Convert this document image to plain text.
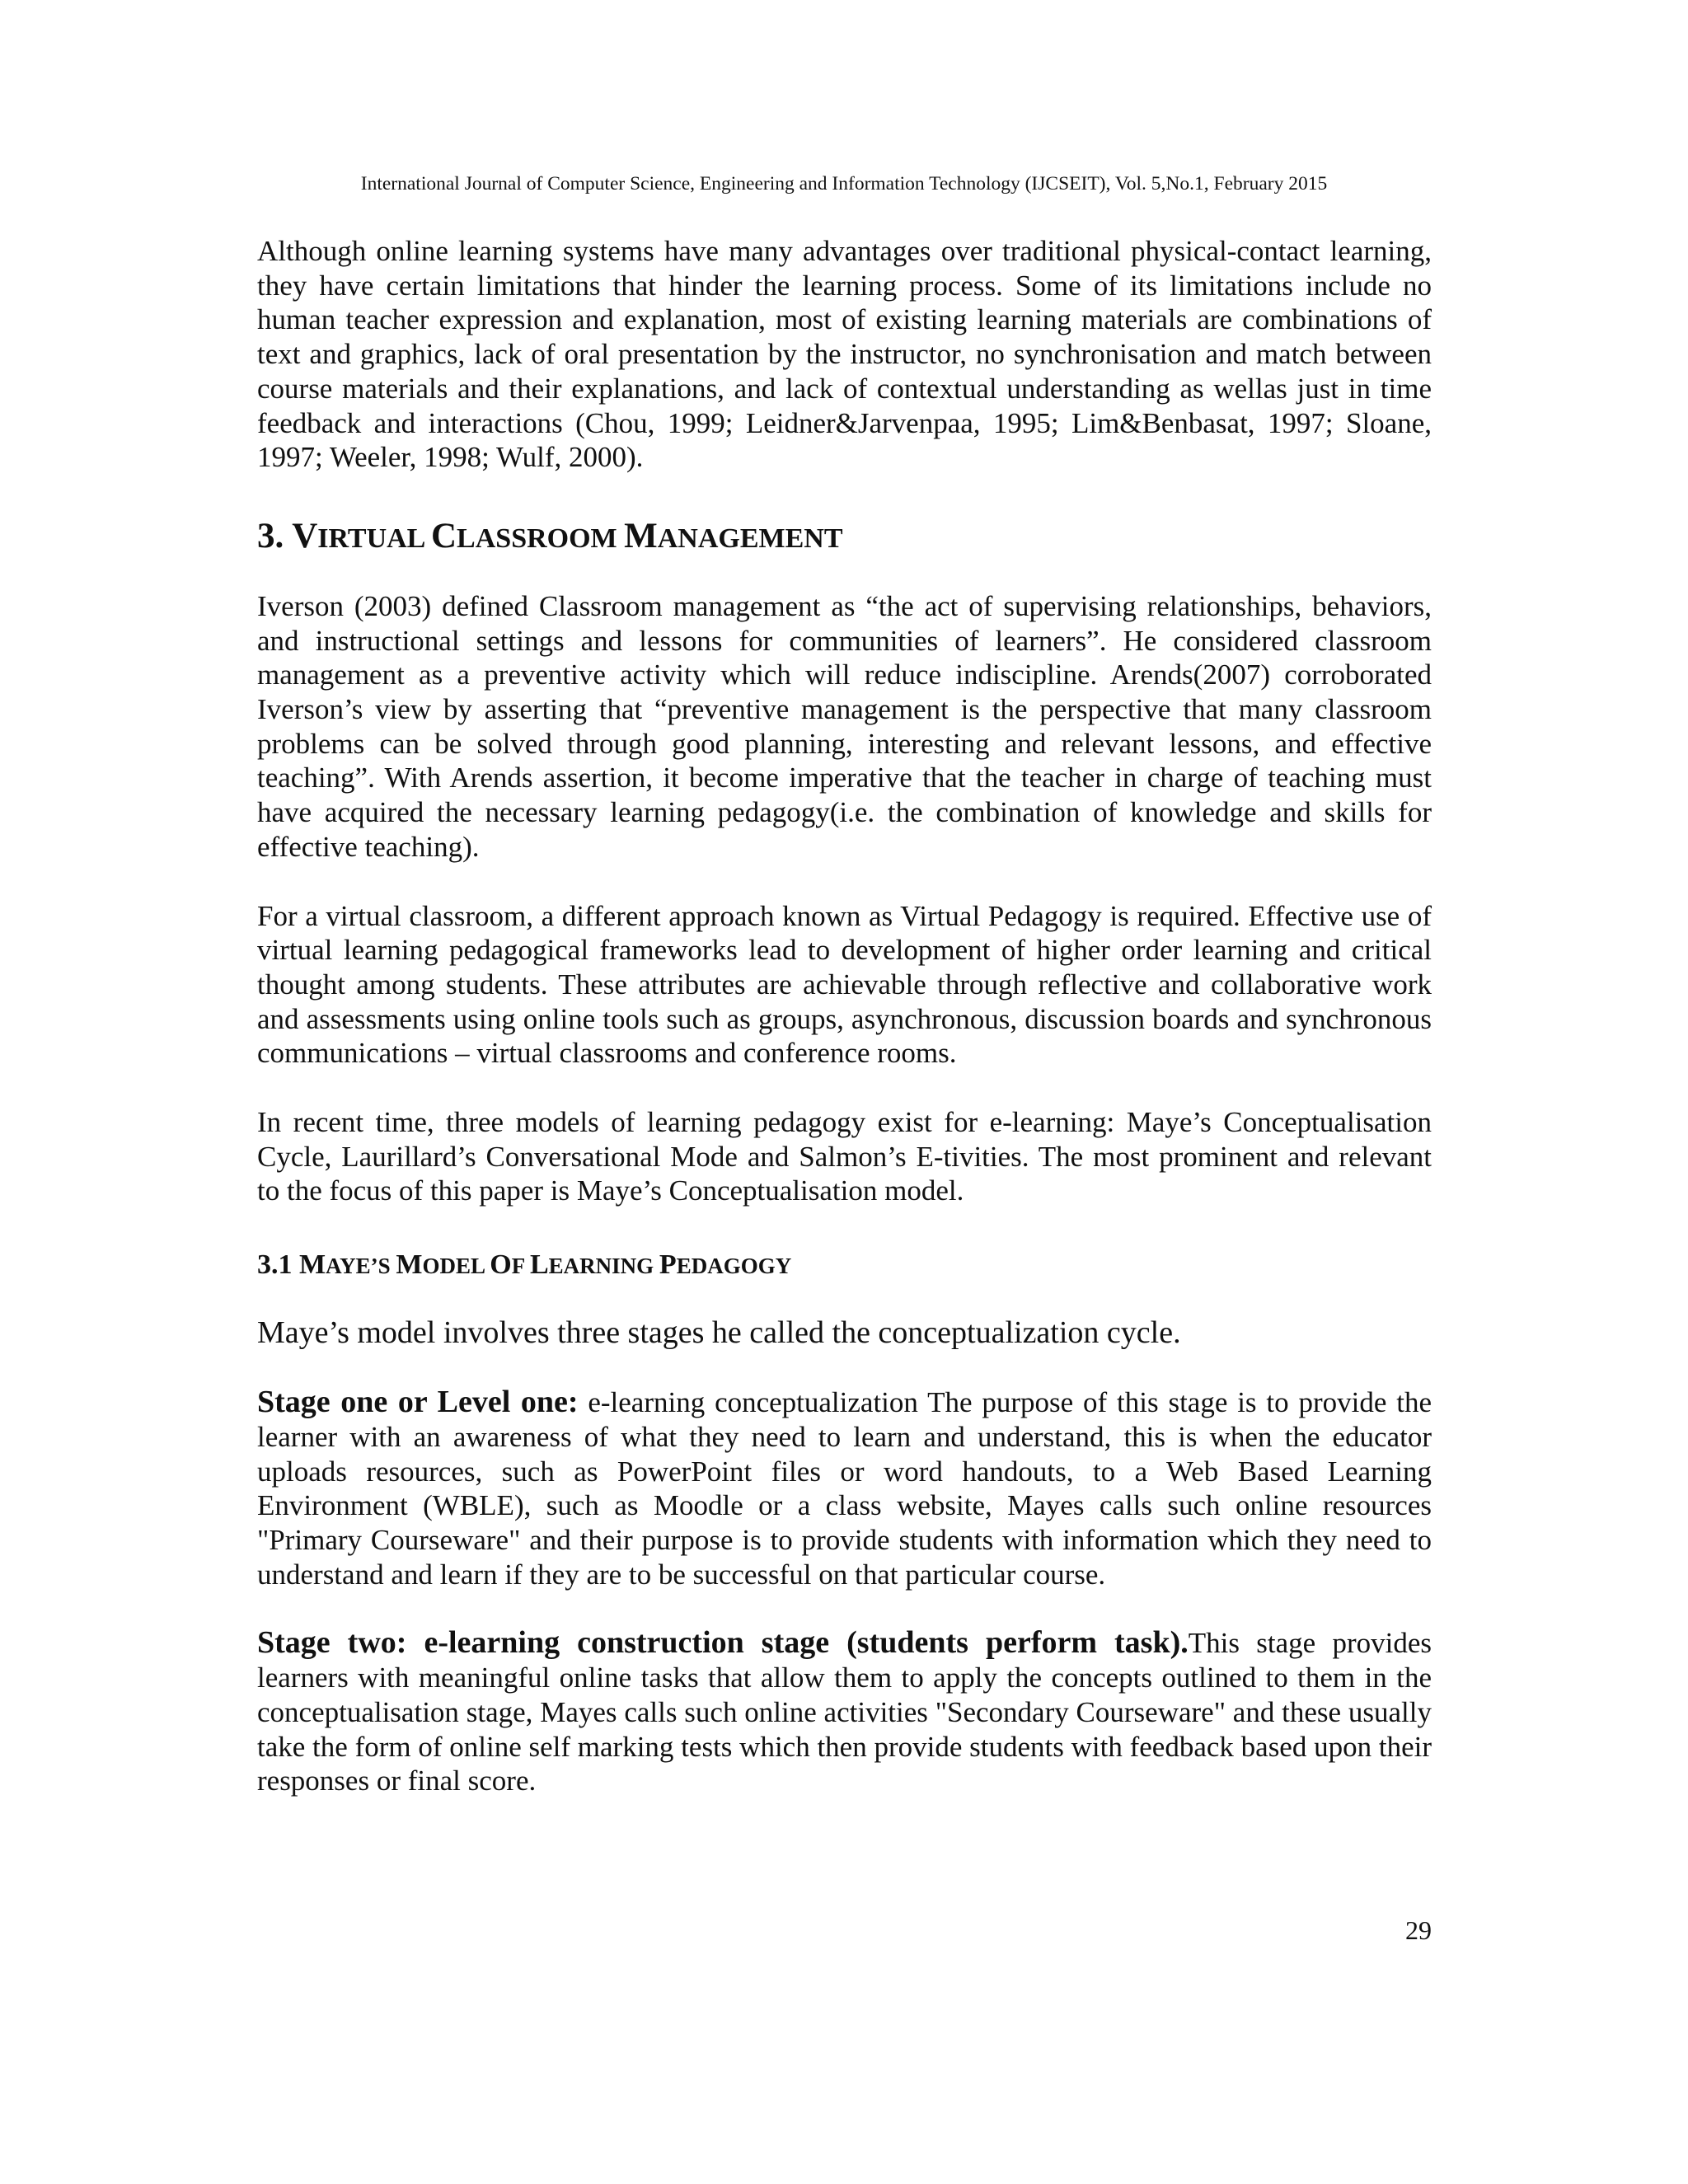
International Journal of Computer Science, Engineering and Information Technology (IJCSEIT), Vol. 5,No.1, February 2015

Although online learning systems have many advantages over traditional physical-contact learning, they have certain limitations that hinder the learning process. Some of its limitations include no human teacher expression and explanation, most of existing learning materials are combinations of text and graphics, lack of oral presentation by the instructor, no synchronisation and match between course materials and their explanations, and lack of contextual understanding as wellas just in time feedback and interactions (Chou, 1999; Leidner&Jarvenpaa, 1995; Lim&Benbasat, 1997; Sloane, 1997; Weeler, 1998; Wulf, 2000).

3. VIRTUAL CLASSROOM MANAGEMENT

Iverson (2003) defined Classroom management as “the act of supervising relationships, behaviors, and instructional settings and lessons for communities of learners”. He considered classroom management as a preventive activity which will reduce indiscipline. Arends(2007) corroborated Iverson’s view by asserting that “preventive management is the perspective that many classroom problems can be solved through good planning, interesting and relevant lessons, and effective teaching”. With Arends assertion, it become imperative that the teacher in charge of teaching must have acquired the necessary learning pedagogy(i.e. the combination of knowledge and skills for effective teaching).

For a virtual classroom, a different approach known as Virtual Pedagogy is required. Effective use of virtual learning pedagogical frameworks lead to development of higher order learning and critical thought among students. These attributes are achievable through reflective and collaborative work and assessments using online tools such as groups, asynchronous, discussion boards and synchronous communications – virtual classrooms and conference rooms.

In recent time, three models of learning pedagogy exist for e-learning: Maye’s Conceptualisation Cycle, Laurillard’s Conversational Mode and Salmon’s E-tivities. The most prominent and relevant to the focus of this paper is Maye’s Conceptualisation model.

3.1 MAYE’S MODEL OF LEARNING PEDAGOGY

Maye’s model involves three stages he called the conceptualization cycle.

Stage one or Level one: e-learning conceptualization The purpose of this stage is to provide the learner with an awareness of what they need to learn and understand, this is when the educator uploads resources, such as PowerPoint files or word handouts, to a Web Based Learning Environment (WBLE), such as Moodle or a class website, Mayes calls such online resources "Primary Courseware" and their purpose is to provide students with information which they need to understand and learn if they are to be successful on that particular course.

Stage two: e-learning construction stage (students perform task).This stage provides learners with meaningful online tasks that allow them to apply the concepts outlined to them in the conceptualisation stage, Mayes calls such online activities "Secondary Courseware" and these usually take the form of online self marking tests which then provide students with feedback based upon their responses or final score.

29
